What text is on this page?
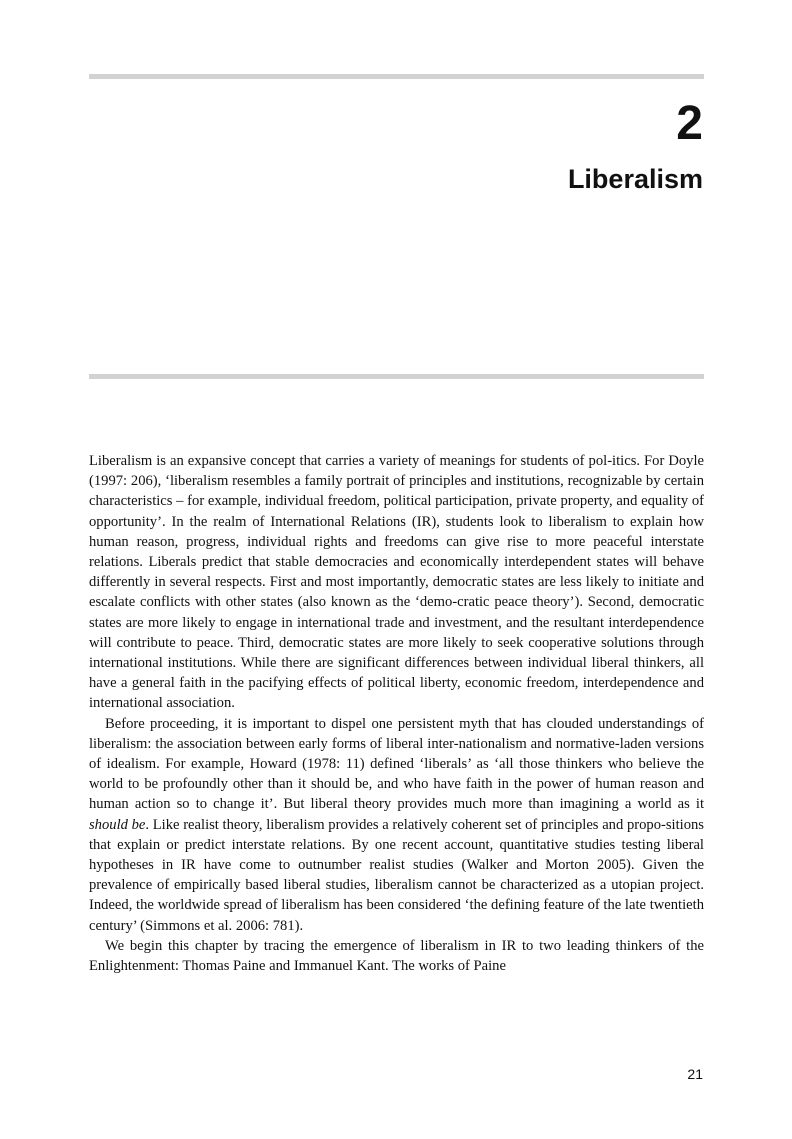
2
Liberalism

Liberalism is an expansive concept that carries a variety of meanings for students of pol-itics. For Doyle (1997: 206), ‘liberalism resembles a family portrait of principles and institutions, recognizable by certain characteristics – for example, individual freedom, political participation, private property, and equality of opportunity’. In the realm of International Relations (IR), students look to liberalism to explain how human reason, progress, individual rights and freedoms can give rise to more peaceful interstate relations. Liberals predict that stable democracies and economically interdependent states will behave differently in several respects. First and most importantly, democratic states are less likely to initiate and escalate conflicts with other states (also known as the ‘demo-cratic peace theory’). Second, democratic states are more likely to engage in international trade and investment, and the resultant interdependence will contribute to peace. Third, democratic states are more likely to seek cooperative solutions through international institutions. While there are significant differences between individual liberal thinkers, all have a general faith in the pacifying effects of political liberty, economic freedom, interdependence and international association.

Before proceeding, it is important to dispel one persistent myth that has clouded understandings of liberalism: the association between early forms of liberal inter-nationalism and normative-laden versions of idealism. For example, Howard (1978: 11) defined ‘liberals’ as ‘all those thinkers who believe the world to be profoundly other than it should be, and who have faith in the power of human reason and human action so to change it’. But liberal theory provides much more than imagining a world as it should be. Like realist theory, liberalism provides a relatively coherent set of principles and propo-sitions that explain or predict interstate relations. By one recent account, quantitative studies testing liberal hypotheses in IR have come to outnumber realist studies (Walker and Morton 2005). Given the prevalence of empirically based liberal studies, liberalism cannot be characterized as a utopian project. Indeed, the worldwide spread of liberalism has been considered ‘the defining feature of the late twentieth century’ (Simmons et al. 2006: 781).

We begin this chapter by tracing the emergence of liberalism in IR to two leading thinkers of the Enlightenment: Thomas Paine and Immanuel Kant. The works of Paine

21
